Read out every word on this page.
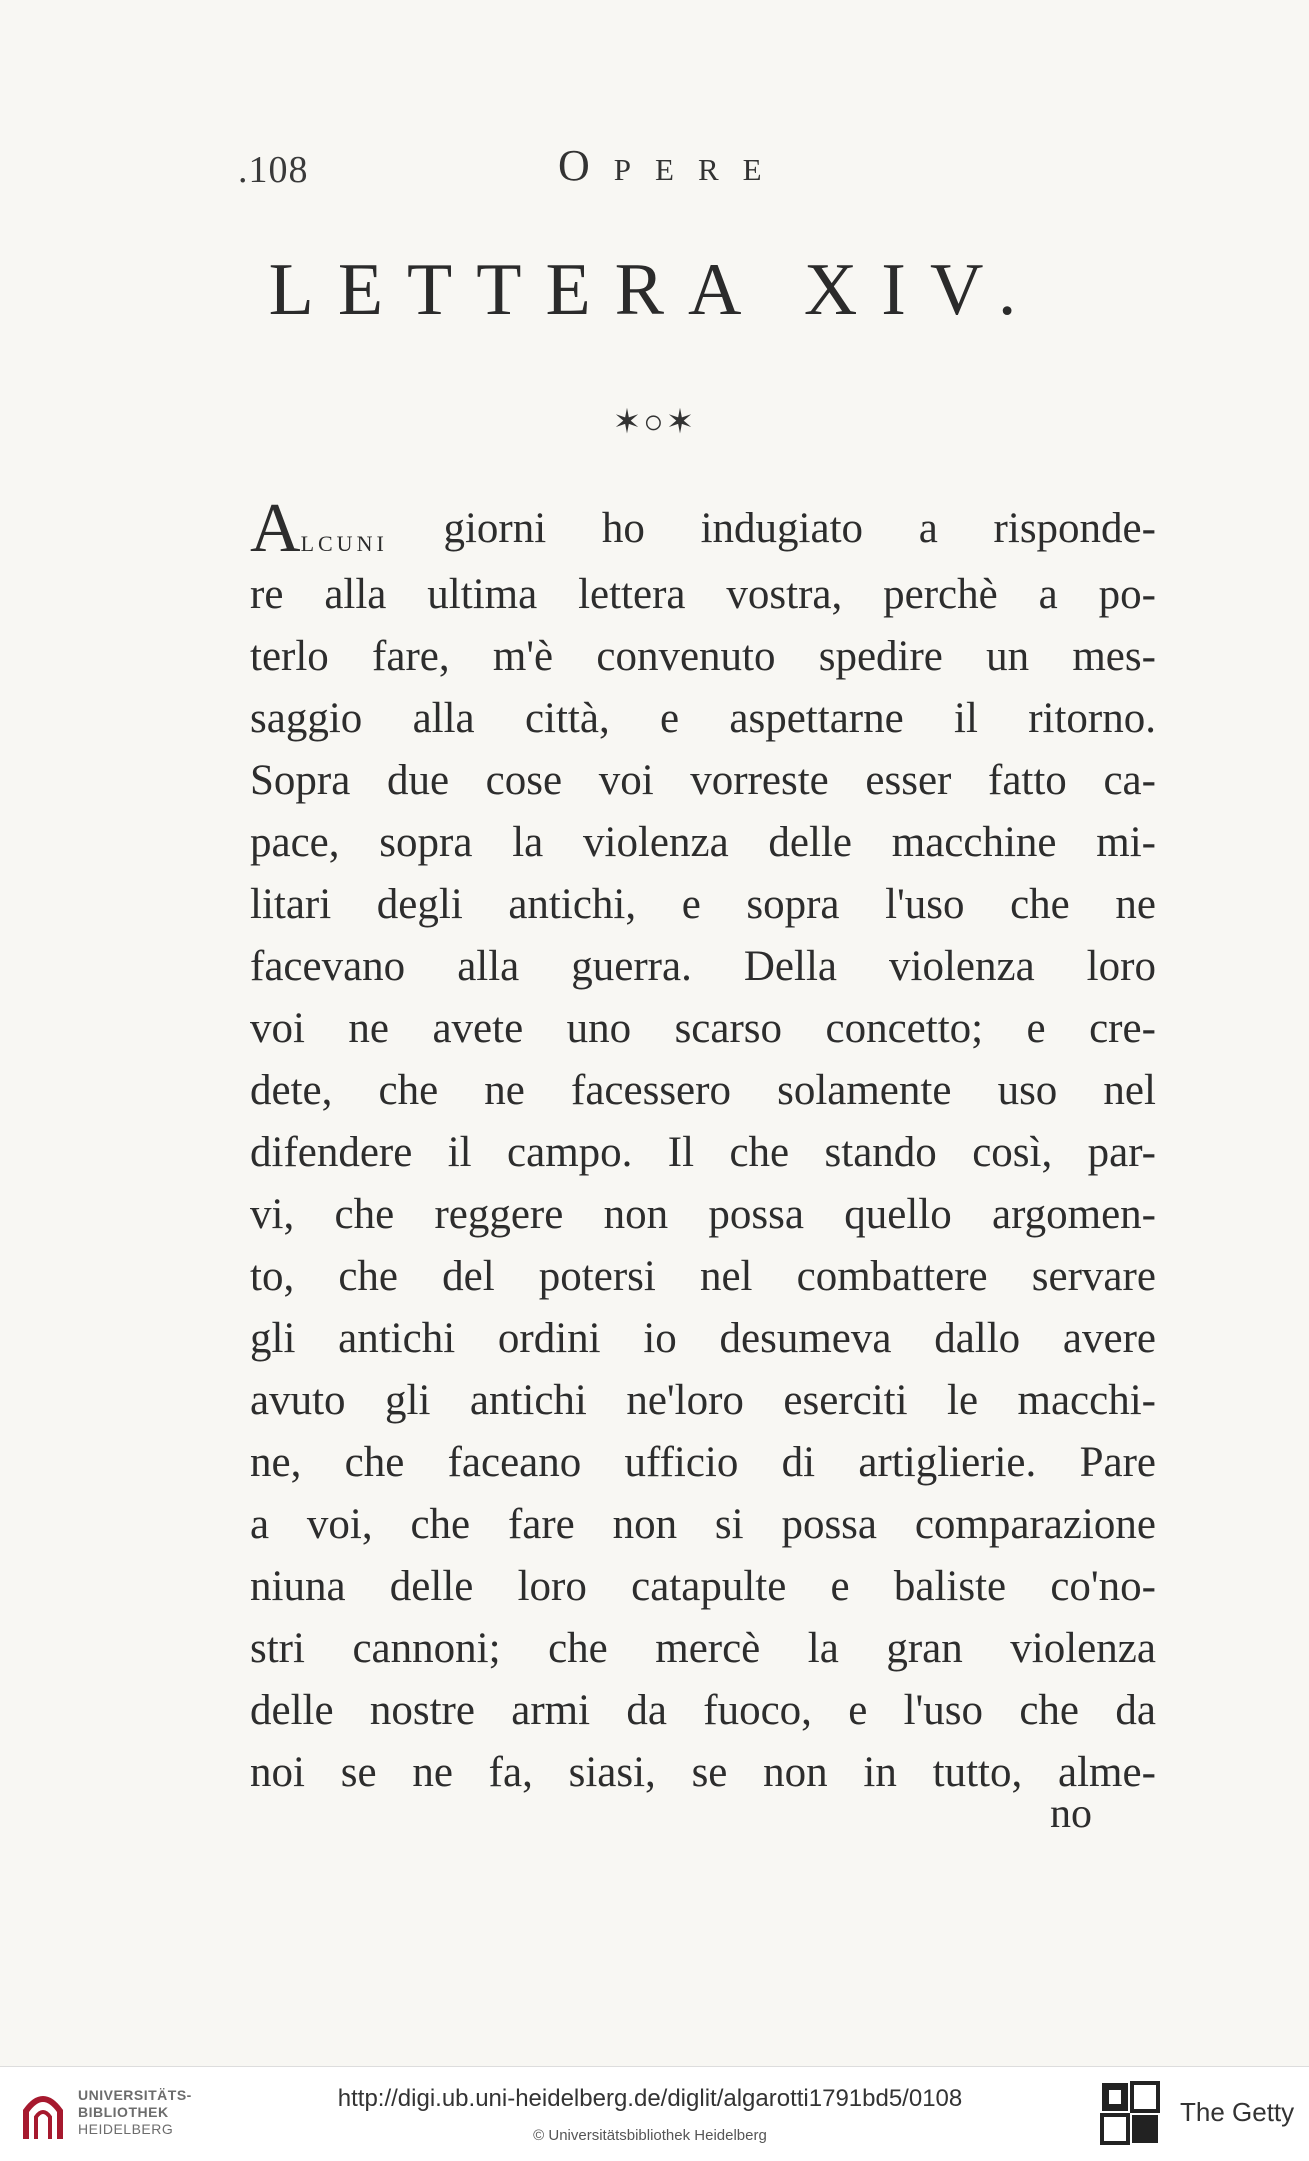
.108	Opere
LETTERA XIV.
✶○✶
Alcuni giorni ho indugiato a risponde-
re alla ultima lettera vostra, perchè a po-
terlo fare, m'è convenuto spedire un mes-
saggio alla città, e aspettarne il ritorno.
Sopra due cose voi vorreste esser fatto ca-
pace, sopra la violenza delle macchine mi-
litari degli antichi, e sopra l'uso che ne
facevano alla guerra. Della violenza loro
voi ne avete uno scarso concetto; e cre-
dete, che ne facessero solamente uso nel
difendere il campo. Il che stando così, par-
vi, che reggere non possa quello argomen-
to, che del potersi nel combattere servare
gli antichi ordini io desumeva dallo avere
avuto gli antichi ne'loro eserciti le macchi-
ne, che faceano ufficio di artiglierie. Pare
a voi, che fare non si possa comparazione
niuna delle loro catapulte e baliste co'no-
stri cannoni; che mercè la gran violenza
delle nostre armi da fuoco, e l'uso che da
noi se ne fa, siasi, se non in tutto, alme-
no
UNIVERSITÄTS-
BIBLIOTHEK
HEIDELBERG
http://digi.ub.uni-heidelberg.de/diglit/algarotti1791bd5/0108
© Universitätsbibliothek Heidelberg
The Getty
